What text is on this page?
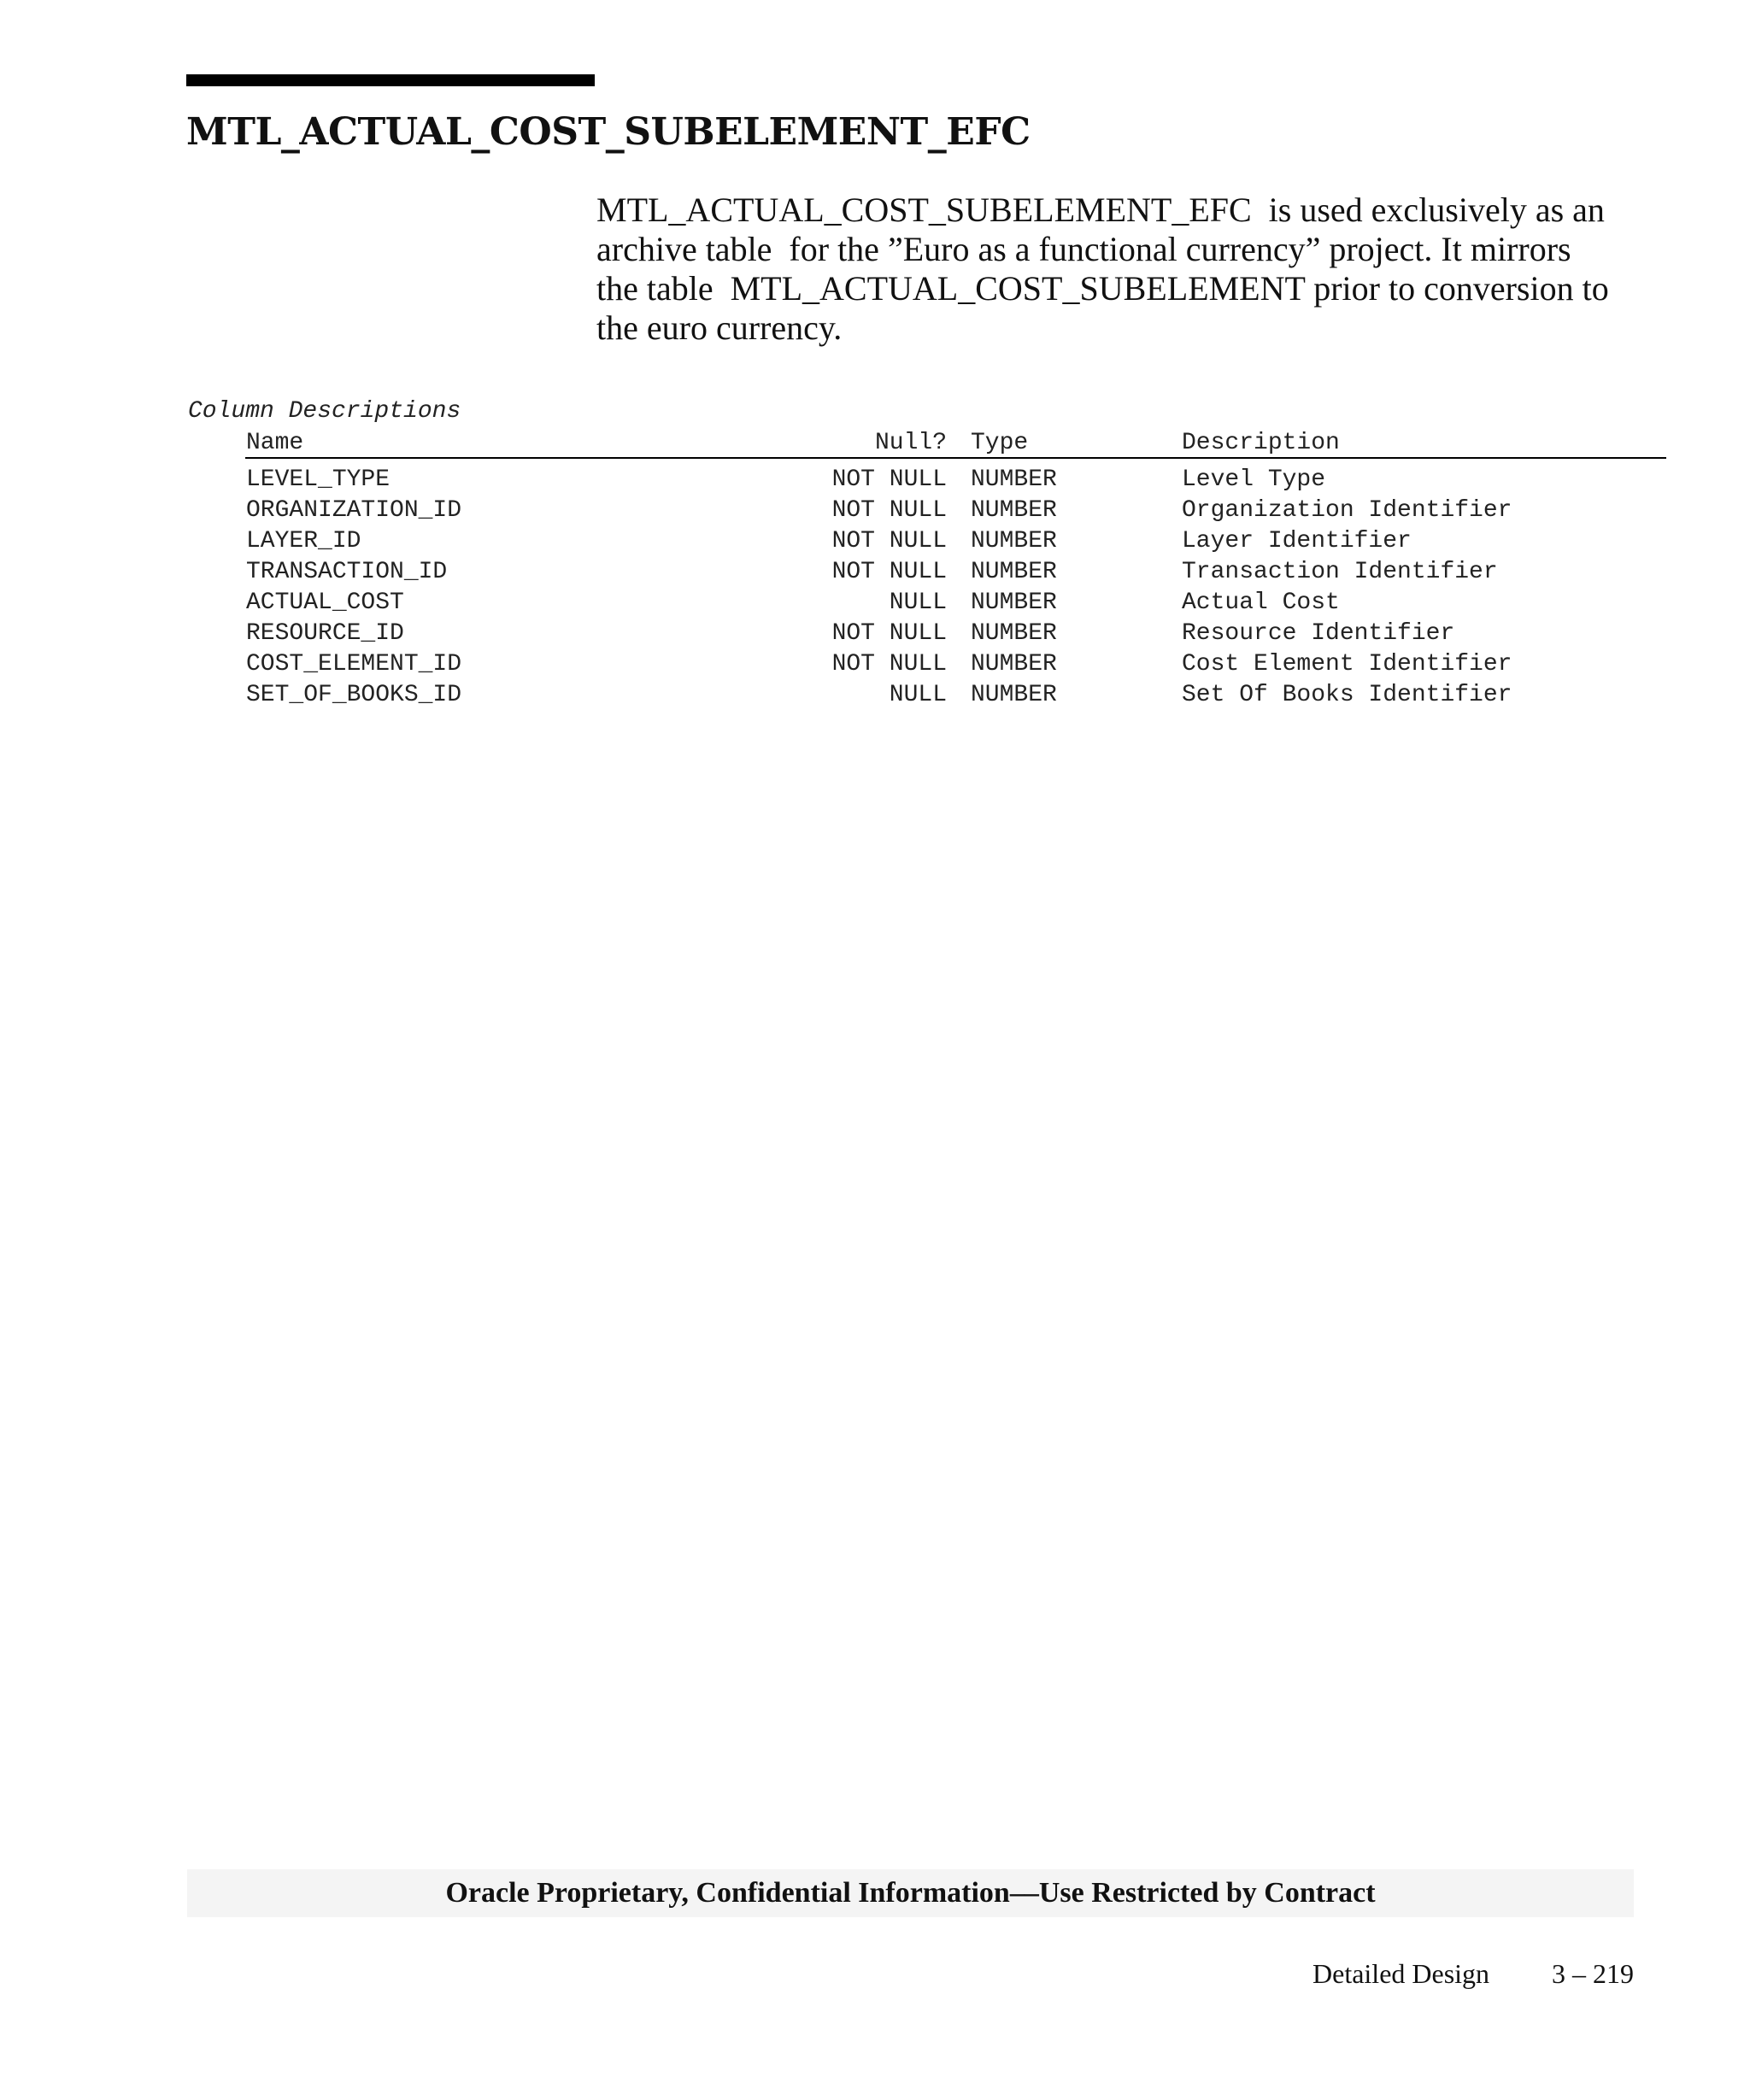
MTL_ACTUAL_COST_SUBELEMENT_EFC

MTL_ACTUAL_COST_SUBELEMENT_EFC  is used exclusively as an
archive table  for the ”Euro as a functional currency” project. It mirrors
the table  MTL_ACTUAL_COST_SUBELEMENT prior to conversion to
the euro currency.

Column Descriptions
Name	Null? Type	Description
LEVEL_TYPE	NOT NULL NUMBER	Level Type
ORGANIZATION_ID	NOT NULL NUMBER	Organization Identifier
LAYER_ID	NOT NULL NUMBER	Layer Identifier
TRANSACTION_ID	NOT NULL NUMBER	Transaction Identifier
ACTUAL_COST	NULL NUMBER	Actual Cost
RESOURCE_ID	NOT NULL NUMBER	Resource Identifier
COST_ELEMENT_ID	NOT NULL NUMBER	Cost Element Identifier
SET_OF_BOOKS_ID	NULL NUMBER	Set Of Books Identifier
Oracle Proprietary, Confidential Information––Use Restricted by Contract
Detailed Design 3 – 219
